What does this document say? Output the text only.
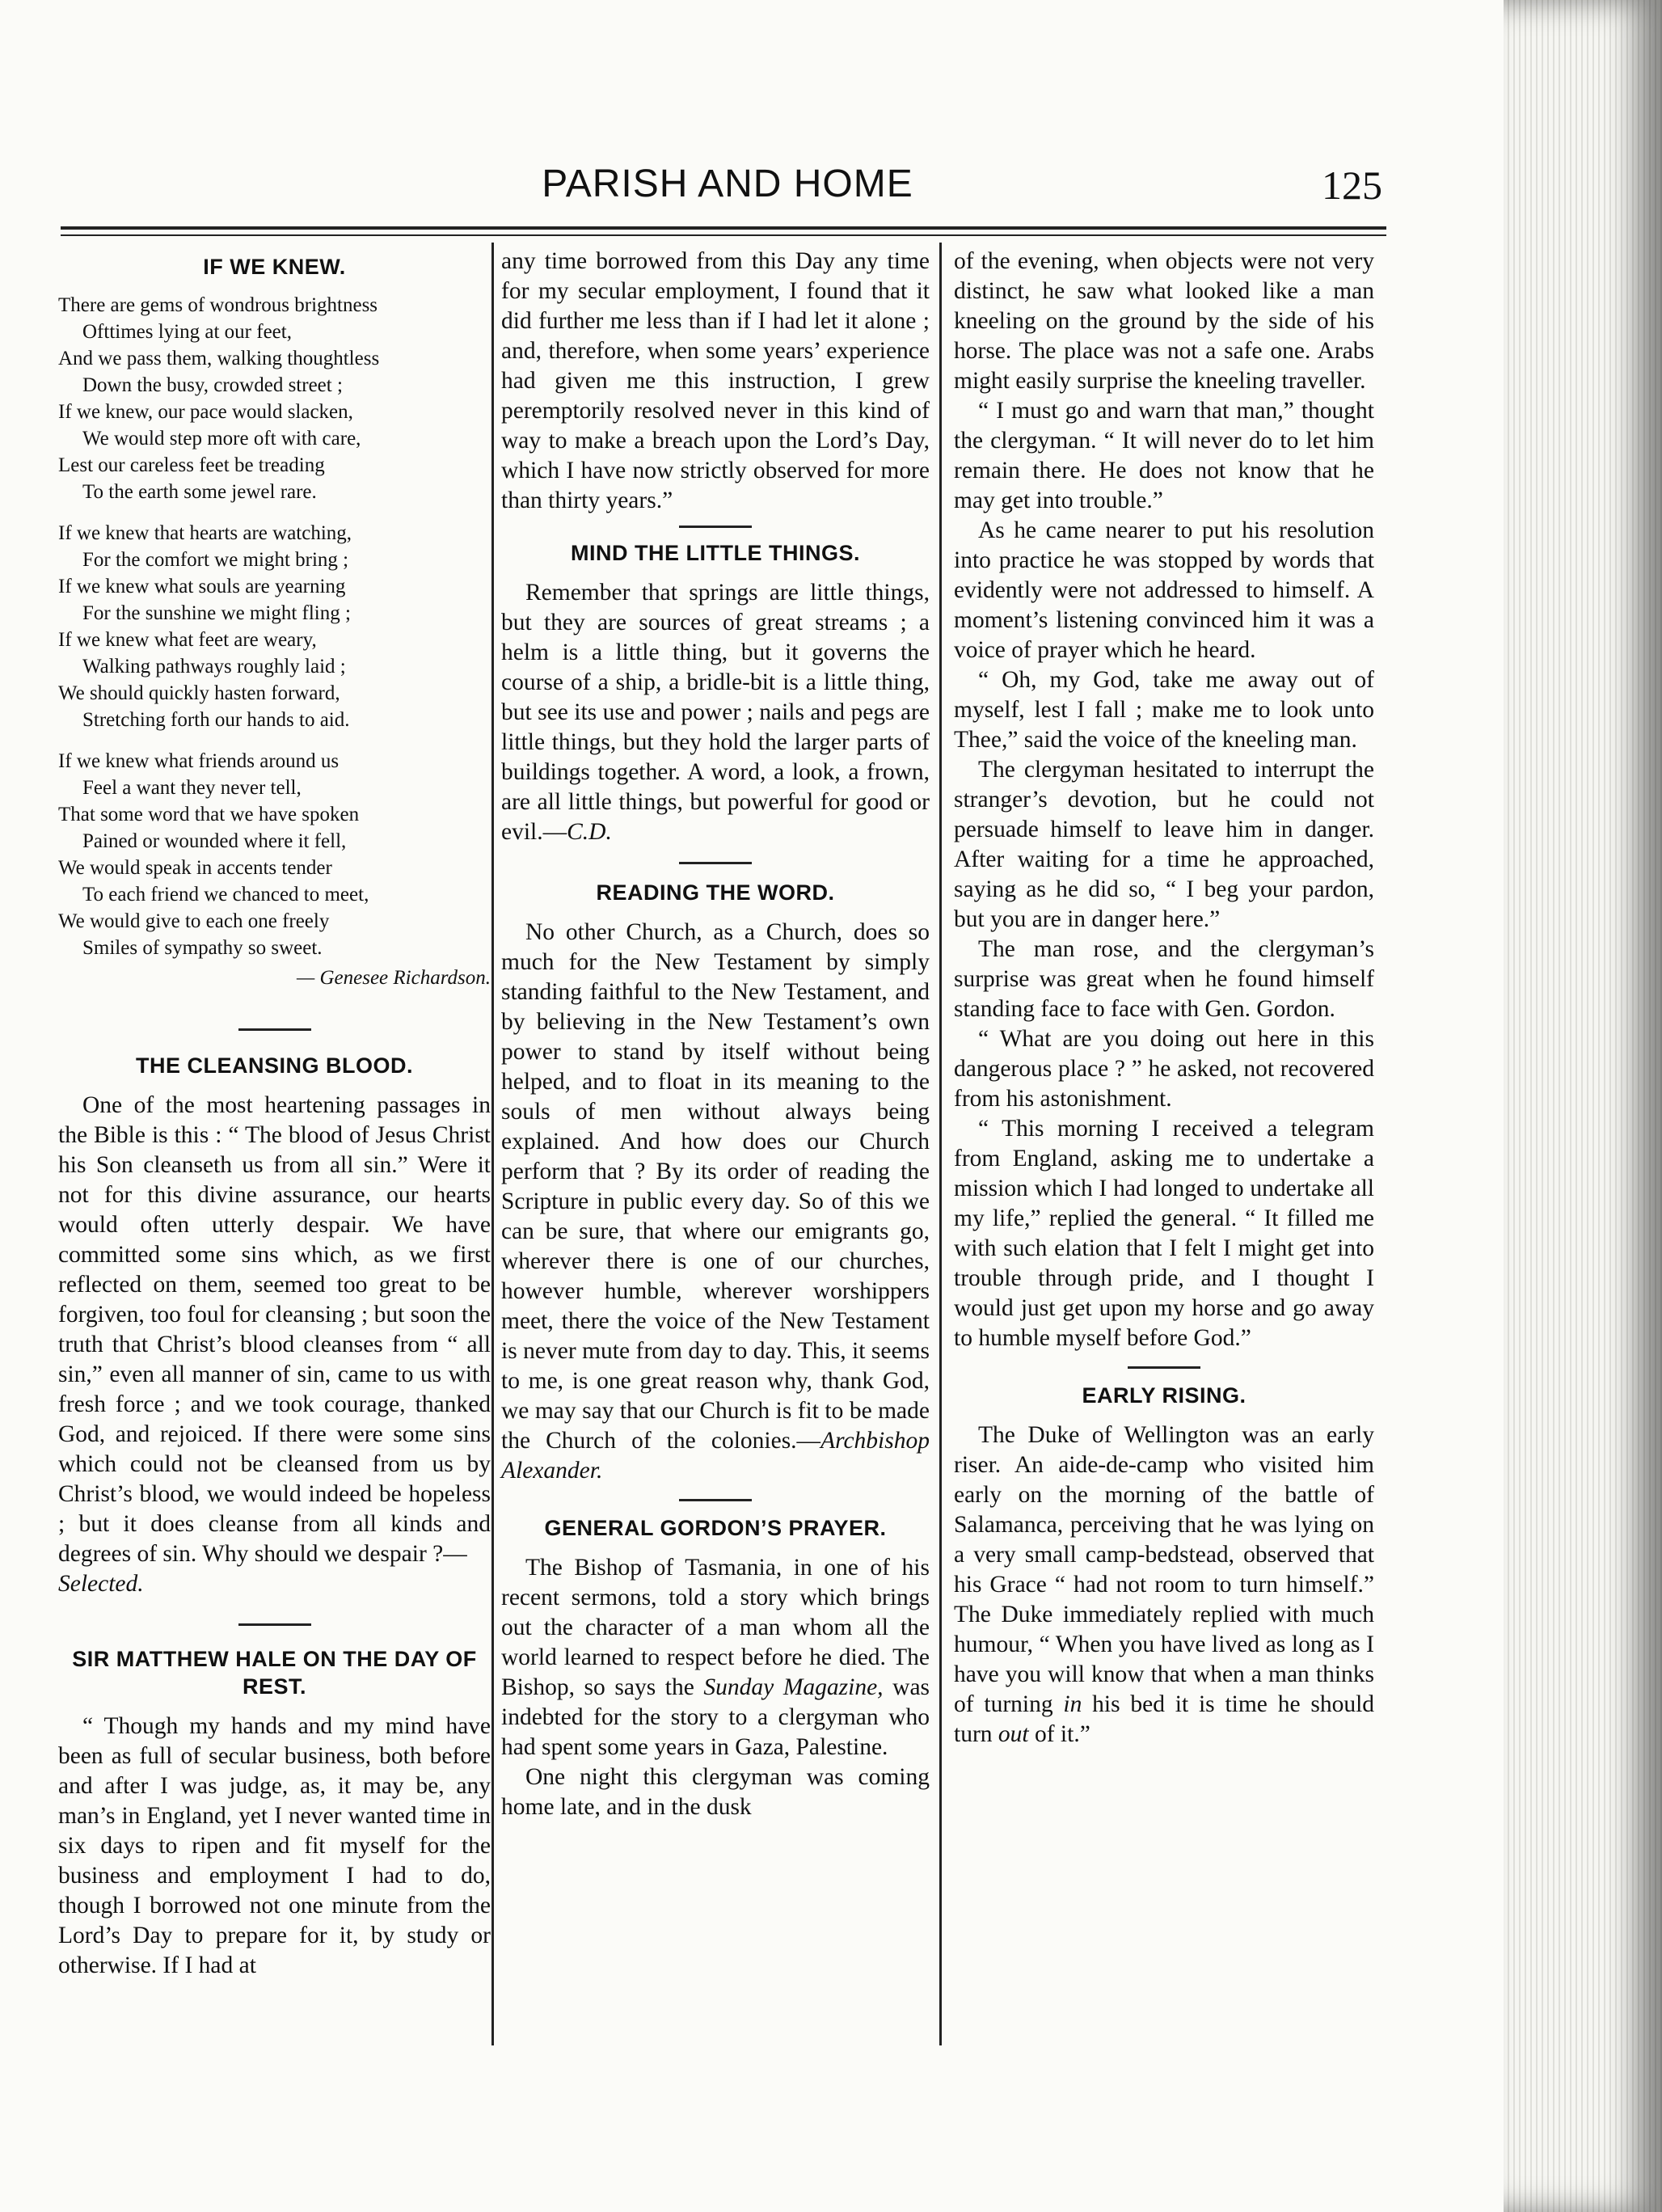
PARISH AND HOME	125
IF WE KNEW.
There are gems of wondrous brightness
Ofttimes lying at our feet,
And we pass them, walking thoughtless
Down the busy, crowded street ;
If we knew, our pace would slacken,
We would step more oft with care,
Lest our careless feet be treading
To the earth some jewel rare.
If we knew that hearts are watching,
For the comfort we might bring ;
If we knew what souls are yearning
For the sunshine we might fling ;
If we knew what feet are weary,
Walking pathways roughly laid ;
We should quickly hasten forward,
Stretching forth our hands to aid.
If we knew what friends around us
Feel a want they never tell,
That some word that we have spoken
Pained or wounded where it fell,
We would speak in accents tender
To each friend we chanced to meet,
We would give to each one freely
Smiles of sympathy so sweet.
— Genesee Richardson.
THE CLEANSING BLOOD.

One of the most heartening passages in the Bible is this : “ The blood of Jesus Christ his Son cleanseth us from all sin.” Were it not for this divine assurance, our hearts would often utterly despair. We have committed some sins which, as we first reflected on them, seemed too great to be forgiven, too foul for cleansing ; but soon the truth that Christ’s blood cleanses from “ all sin,” even all manner of sin, came to us with fresh force ; and we took courage, thanked God, and rejoiced. If there were some sins which could not be cleansed from us by Christ’s blood, we would indeed be hopeless ; but it does cleanse from all kinds and degrees of sin. Why should we despair ?—
Selected.

SIR MATTHEW HALE ON THE DAY OF REST.

“ Though my hands and my mind have been as full of secular business, both before and after I was judge, as, it may be, any man’s in England, yet I never wanted time in six days to ripen and fit myself for the business and employment I had to do, though I borrowed not one minute from the Lord’s Day to prepare for it, by study or otherwise. If I had at

any time borrowed from this Day any time for my secular employment, I found that it did further me less than if I had let it alone ; and, therefore, when some years’ experience had given me this instruction, I grew peremptorily resolved never in this kind of way to make a breach upon the Lord’s Day, which I have now strictly observed for more than thirty years.”

MIND THE LITTLE THINGS.

Remember that springs are little things, but they are sources of great streams ; a helm is a little thing, but it governs the course of a ship, a bridle-bit is a little thing, but see its use and power ; nails and pegs are little things, but they hold the larger parts of buildings together. A word, a look, a frown, are all little things, but powerful for good or evil.—C.D.

READING THE WORD.

No other Church, as a Church, does so much for the New Testament by simply standing faithful to the New Testament, and by believing in the New Testament’s own power to stand by itself without being helped, and to float in its meaning to the souls of men without always being explained. And how does our Church perform that ? By its order of reading the Scripture in public every day. So of this we can be sure, that where our emigrants go, wherever there is one of our churches, however humble, wherever worshippers meet, there the voice of the New Testament is never mute from day to day. This, it seems to me, is one great reason why, thank God, we may say that our Church is fit to be made the Church of the colonies.—Archbishop Alexander.

GENERAL GORDON’S PRAYER.

The Bishop of Tasmania, in one of his recent sermons, told a story which brings out the character of a man whom all the world learned to respect before he died. The Bishop, so says the Sunday Magazine, was indebted for the story to a clergyman who had spent some years in Gaza, Palestine.

One night this clergyman was coming home late, and in the dusk

of the evening, when objects were not very distinct, he saw what looked like a man kneeling on the ground by the side of his horse. The place was not a safe one. Arabs might easily surprise the kneeling traveller.

“ I must go and warn that man,” thought the clergyman. “ It will never do to let him remain there. He does not know that he may get into trouble.”

As he came nearer to put his resolution into practice he was stopped by words that evidently were not addressed to himself. A moment’s listening convinced him it was a voice of prayer which he heard.

“ Oh, my God, take me away out of myself, lest I fall ; make me to look unto Thee,” said the voice of the kneeling man.

The clergyman hesitated to interrupt the stranger’s devotion, but he could not persuade himself to leave him in danger. After waiting for a time he approached, saying as he did so, “ I beg your pardon, but you are in danger here.”

The man rose, and the clergyman’s surprise was great when he found himself standing face to face with Gen. Gordon.

“ What are you doing out here in this dangerous place ? ” he asked, not recovered from his astonishment.

“ This morning I received a telegram from England, asking me to undertake a mission which I had longed to undertake all my life,” replied the general. “ It filled me with such elation that I felt I might get into trouble through pride, and I thought I would just get upon my horse and go away to humble myself before God.”

EARLY RISING.

The Duke of Wellington was an early riser. An aide-de-camp who visited him early on the morning of the battle of Salamanca, perceiving that he was lying on a very small camp-bedstead, observed that his Grace “ had not room to turn himself.” The Duke immediately replied with much humour, “ When you have lived as long as I have you will know that when a man thinks of turning in his bed it is time he should turn out of it.”
